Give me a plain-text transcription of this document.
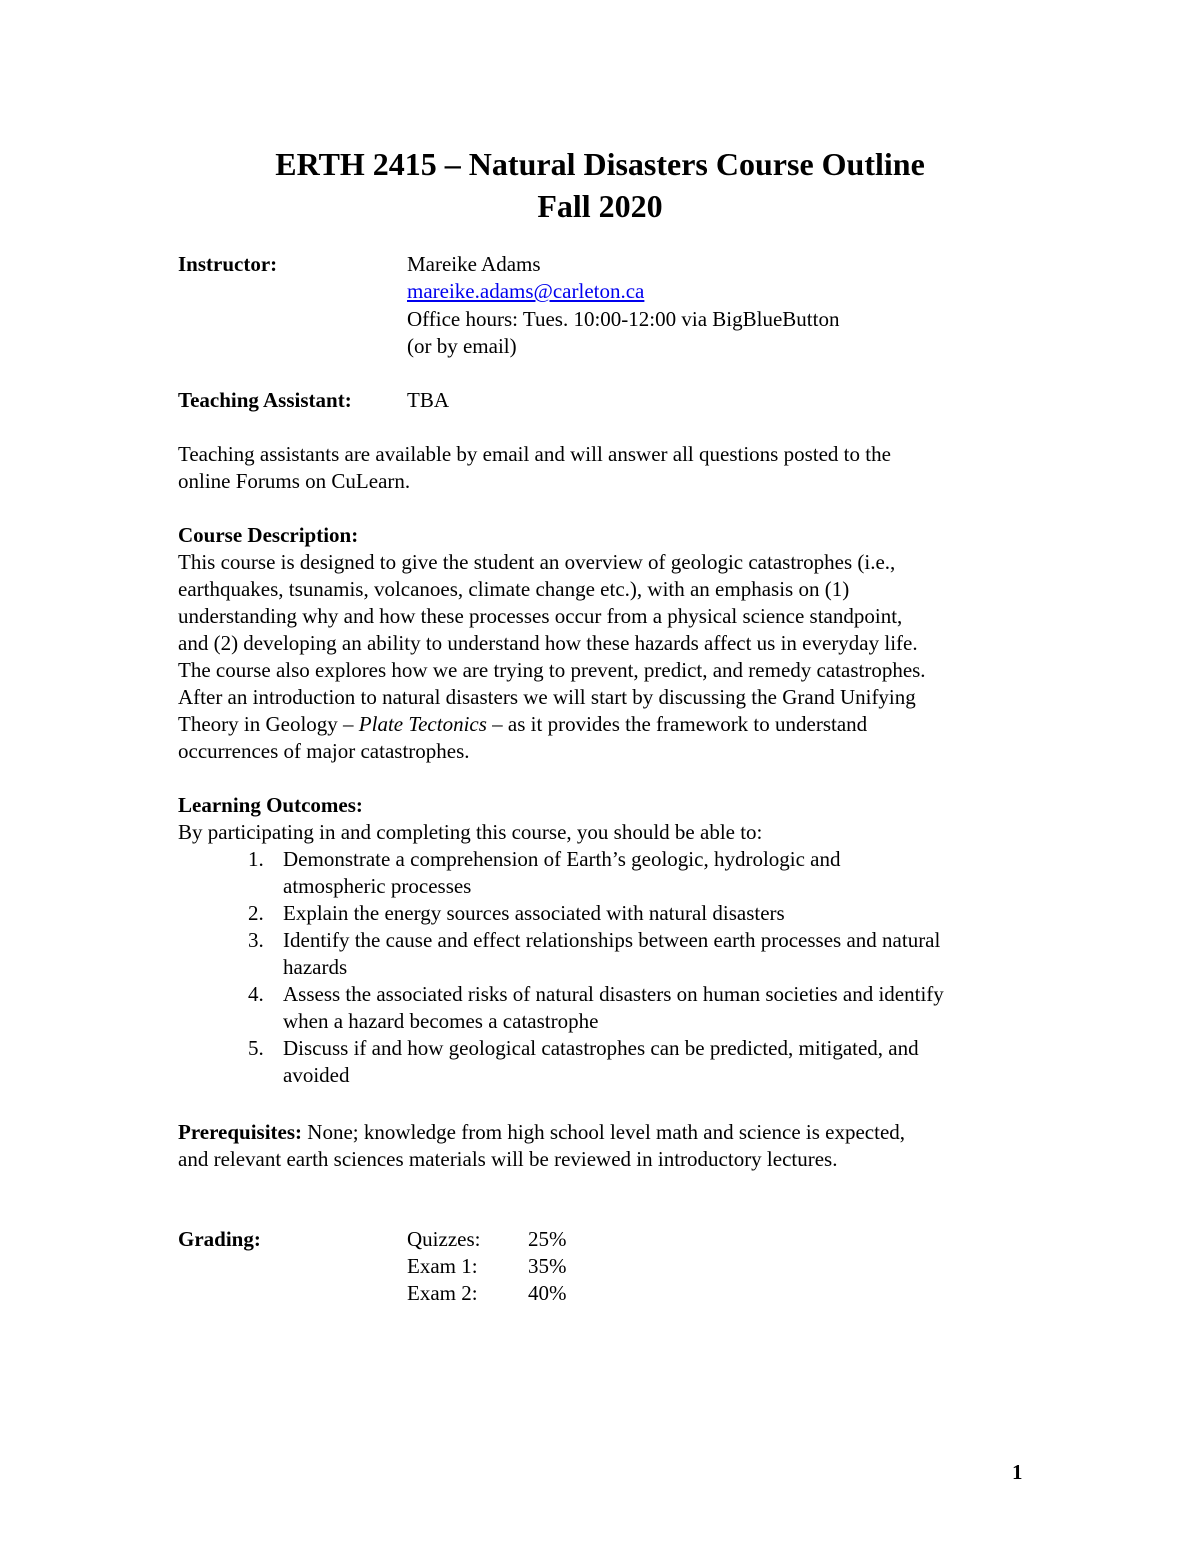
ERTH 2415 – Natural Disasters Course Outline
Fall 2020
Instructor:	Mareike Adams
mareike.adams@carleton.ca
Office hours: Tues. 10:00-12:00 via BigBlueButton
(or by email)
Teaching Assistant:	TBA
Teaching assistants are available by email and will answer all questions posted to the
online Forums on CuLearn.
Course Description:
This course is designed to give the student an overview of geologic catastrophes (i.e.,
earthquakes, tsunamis, volcanoes, climate change etc.), with an emphasis on (1)
understanding why and how these processes occur from a physical science standpoint,
and (2) developing an ability to understand how these hazards affect us in everyday life.
The course also explores how we are trying to prevent, predict, and remedy catastrophes.
After an introduction to natural disasters we will start by discussing the Grand Unifying
Theory in Geology – Plate Tectonics – as it provides the framework to understand
occurrences of major catastrophes.
Learning Outcomes:
By participating in and completing this course, you should be able to:
1. Demonstrate a comprehension of Earth’s geologic, hydrologic and
atmospheric processes
2. Explain the energy sources associated with natural disasters
3. Identify the cause and effect relationships between earth processes and natural
hazards
4. Assess the associated risks of natural disasters on human societies and identify
when a hazard becomes a catastrophe
5. Discuss if and how geological catastrophes can be predicted, mitigated, and
avoided
Prerequisites: None; knowledge from high school level math and science is expected,
and relevant earth sciences materials will be reviewed in introductory lectures.
Grading:	Quizzes: 25%
Exam 1: 35%
Exam 2: 40%
1
